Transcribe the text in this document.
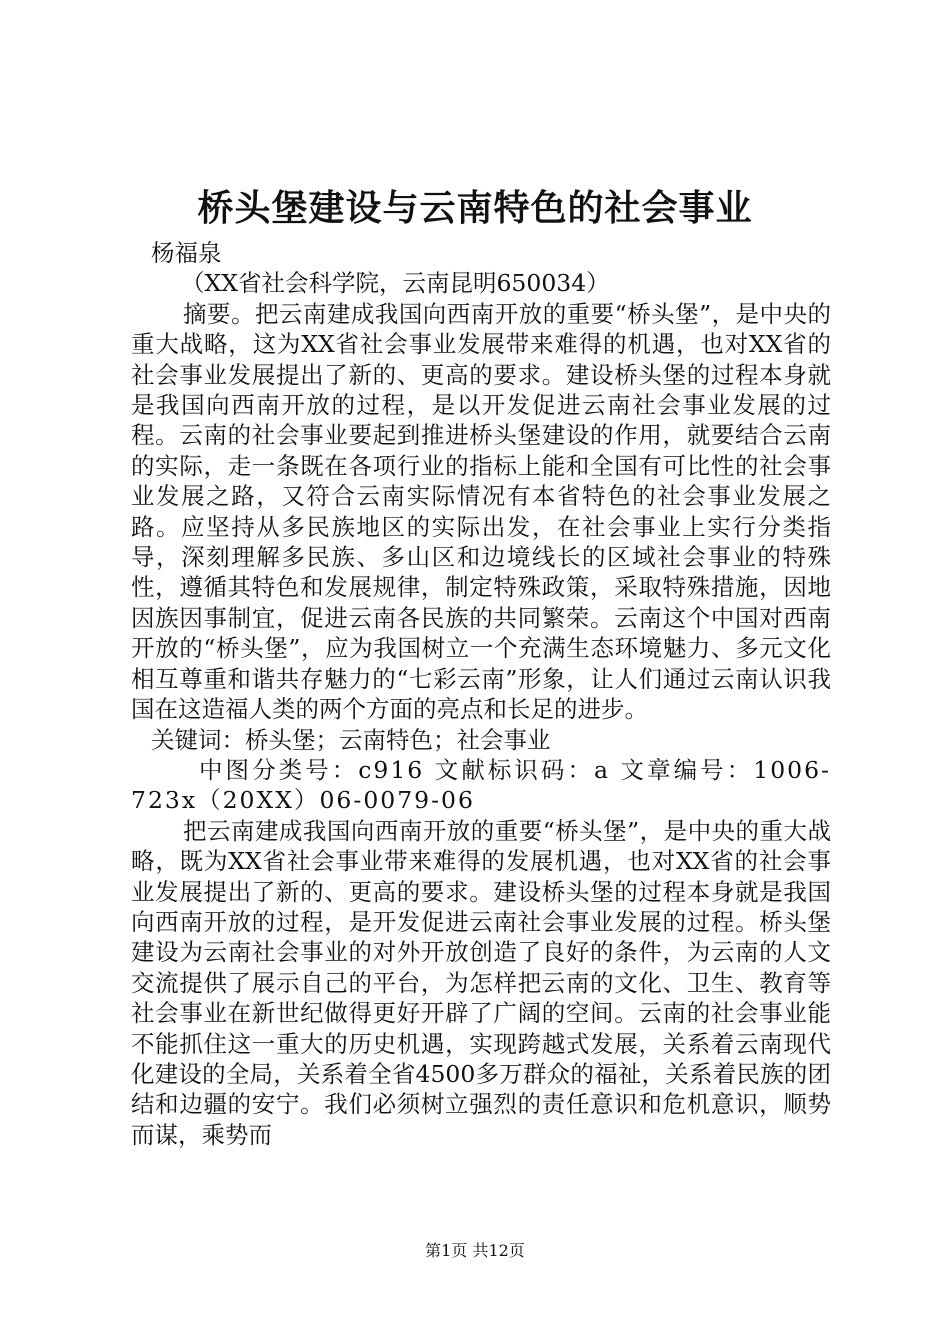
桥头堡建设与云南特色的社会事业

杨福泉

（XX省社会科学院，云南昆明650034）

摘要。把云南建成我国向西南开放的重要“桥头堡”，是中央的重大战略，这为XX省社会事业发展带来难得的机遇，也对XX省的社会事业发展提出了新的、更高的要求。建设桥头堡的过程本身就是我国向西南开放的过程，是以开发促进云南社会事业发展的过程。云南的社会事业要起到推进桥头堡建设的作用，就要结合云南的实际，走一条既在各项行业的指标上能和全国有可比性的社会事业发展之路，又符合云南实际情况有本省特色的社会事业发展之路。应坚持从多民族地区的实际出发，在社会事业上实行分类指导，深刻理解多民族、多山区和边境线长的区域社会事业的特殊性，遵循其特色和发展规律，制定特殊政策，采取特殊措施，因地因族因事制宜，促进云南各民族的共同繁荣。云南这个中国对西南开放的“桥头堡”，应为我国树立一个充满生态环境魅力、多元文化相互尊重和谐共存魅力的“七彩云南”形象，让人们通过云南认识我国在这造福人类的两个方面的亮点和长足的进步。

关键词：桥头堡；云南特色；社会事业

中图分类号：c916 文献标识码：a 文章编号：1006-723x（20XX）06-0079-06

把云南建成我国向西南开放的重要“桥头堡”，是中央的重大战略，既为XX省社会事业带来难得的发展机遇，也对XX省的社会事业发展提出了新的、更高的要求。建设桥头堡的过程本身就是我国向西南开放的过程，是开发促进云南社会事业发展的过程。桥头堡建设为云南社会事业的对外开放创造了良好的条件，为云南的人文交流提供了展示自己的平台，为怎样把云南的文化、卫生、教育等社会事业在新世纪做得更好开辟了广阔的空间。云南的社会事业能不能抓住这一重大的历史机遇，实现跨越式发展，关系着云南现代化建设的全局，关系着全省4500多万群众的福祉，关系着民族的团结和边疆的安宁。我们必须树立强烈的责任意识和危机意识，顺势而谋，乘势而

第1页 共12页
